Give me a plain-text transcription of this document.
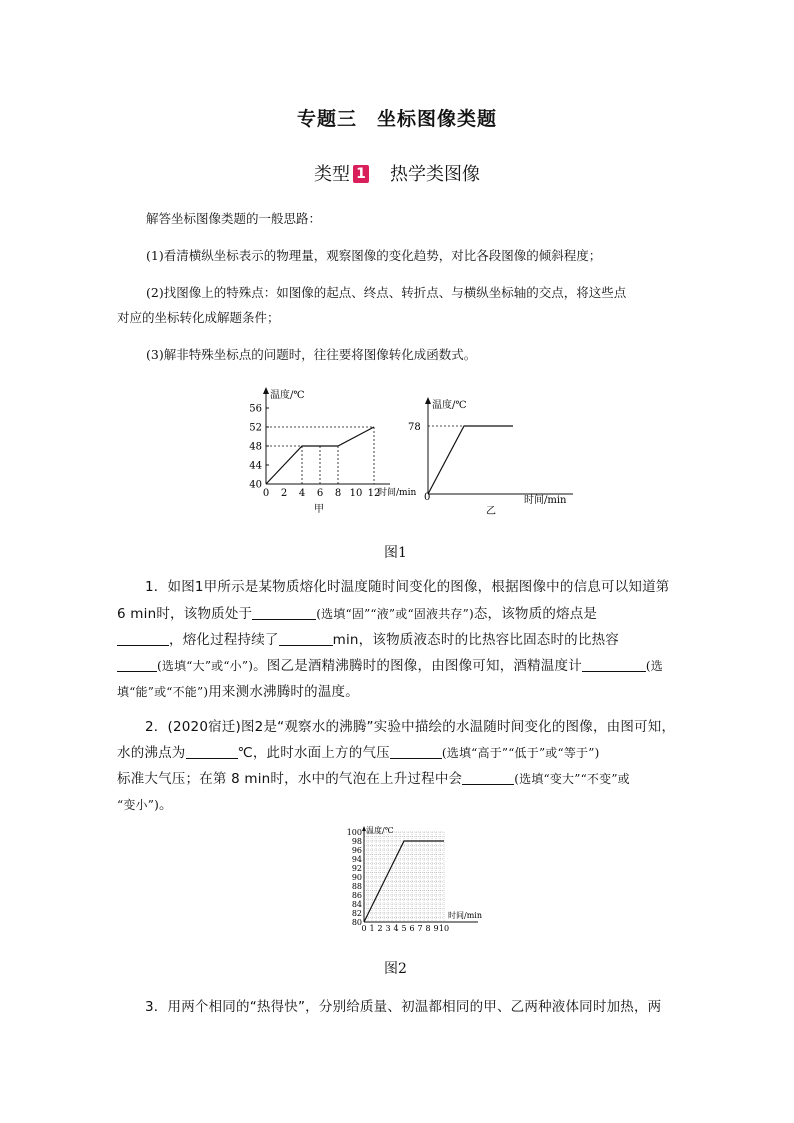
专题三　坐标图像类题
类型 1 热学类图像
解答坐标图像类题的一般思路：
(1)看清横纵坐标表示的物理量，观察图像的变化趋势，对比各段图像的倾斜程度；
(2)找图像上的特殊点：如图像的起点、终点、转折点、与横纵坐标轴的交点，将这些点
对应的坐标转化成解题条件；
(3)解非特殊坐标点的问题时，往往要将图像转化成函数式。
温度/℃
时间/min
甲
40
44
48
52
56
0 2 4 6 8 10 12
温度/℃
时间/min
0
78
乙
图1
1．如图1甲所示是某物质熔化时温度随时间变化的图像，根据图像中的信息可以知道第
6 min时，该物质处于	(选填“固”“液”或“固液共存”)态，该物质的熔点是
，熔化过程持续了	min，该物质液态时的比热容比固态时的比热容
(选填“大”或“小”)。图乙是酒精沸腾时的图像，由图像可知，酒精温度计	(选
填“能”或“不能”)用来测水沸腾时的温度。
2．(2020宿迁)图2是“观察水的沸腾”实验中描绘的水温随时间变化的图像，由图可知，
水的沸点为	℃，此时水面上方的气压	(选填“高于”“低于”或“等于”)
标准大气压；在第 8 min时，水中的气泡在上升过程中会	(选填“变大”“不变”或
“变小”)。
温度/℃
时间/min
80
82
84
86
88
90
92
94
96
98
100
0 1 2 3 4 5 6 7 8 9 10
图2
3．用两个相同的“热得快”，分别给质量、初温都相同的甲、乙两种液体同时加热，两
